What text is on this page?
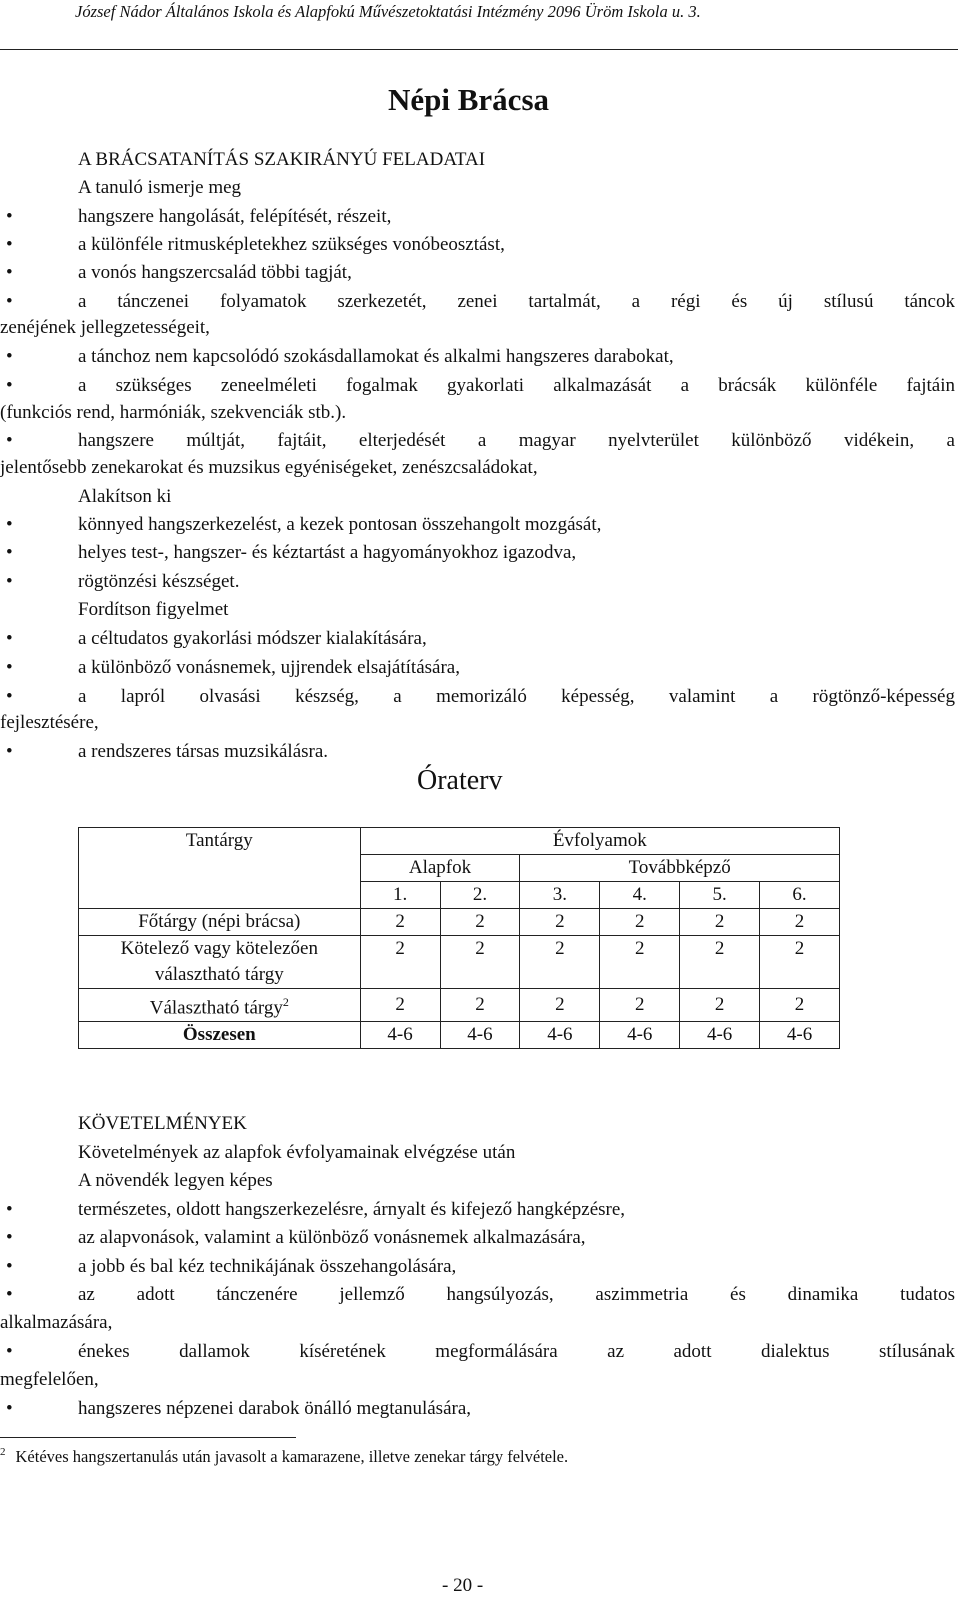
József Nádor Általános Iskola és Alapfokú Művészetoktatási Intézmény 2096 Üröm Iskola u. 3.
Népi Brácsa
A BRÁCSATANÍTÁS SZAKIRÁNYÚ FELADATAI
A tanuló ismerje meg
•
hangszere hangolását, felépítését, részeit,
•
a különféle ritmusképletekhez szükséges vonóbeosztást,
•
a vonós hangszercsalád többi tagját,
•
a tánczenei folyamatok szerkezetét, zenei tartalmát, a régi és új stílusú táncok
zenéjének jellegzetességeit,
•
a tánchoz nem kapcsolódó szokásdallamokat és alkalmi hangszeres darabokat,
•
a szükséges zeneelméleti fogalmak gyakorlati alkalmazását a brácsák különféle fajtáin
(funkciós rend, harmóniák, szekvenciák stb.).
•
hangszere múltját, fajtáit, elterjedését a magyar nyelvterület különböző vidékein, a
jelentősebb zenekarokat és muzsikus egyéniségeket, zenészcsaládokat,
Alakítson ki
•
könnyed hangszerkezelést, a kezek pontosan összehangolt mozgását,
•
helyes test-, hangszer- és kéztartást a hagyományokhoz igazodva,
•
rögtönzési készséget.
Fordítson figyelmet
•
a céltudatos gyakorlási módszer kialakítására,
•
a különböző vonásnemek, ujjrendek elsajátítására,
•
a lapról olvasási készség, a memorizáló képesség, valamint a rögtönző-képesség
fejlesztésére,
•
a rendszeres társas muzsikálásra.
Óraterv
Tantárgy	Évfolyamok					
	Alapfok		Továbbképző			
	1.	2.	3.	4.	5.	6.
Főtárgy (népi brácsa)	2	2	2	2	2	2
Kötelező vagy kötelezően
választható tárgy	2	2	2	2	2	2
Választható tárgy$^2$	2	2	2	2	2	2
Összesen	4-6	4-6	4-6	4-6	4-6	4-6
KÖVETELMÉNYEK
Követelmények az alapfok évfolyamainak elvégzése után
A növendék legyen képes
•
természetes, oldott hangszerkezelésre, árnyalt és kifejező hangképzésre,
•
az alapvonások, valamint a különböző vonásnemek alkalmazására,
•
a jobb és bal kéz technikájának összehangolására,
•
az adott tánczenére jellemző hangsúlyozás, aszimmetria és dinamika tudatos
alkalmazására,
•
énekes dallamok kíséretének megformálására az adott dialektus stílusának
megfelelően,
•
hangszeres népzenei darabok önálló megtanulására,
$^2$ Kétéves hangszertanulás után javasolt a kamarazene, illetve zenekar tárgy felvétele.
- 20 -
